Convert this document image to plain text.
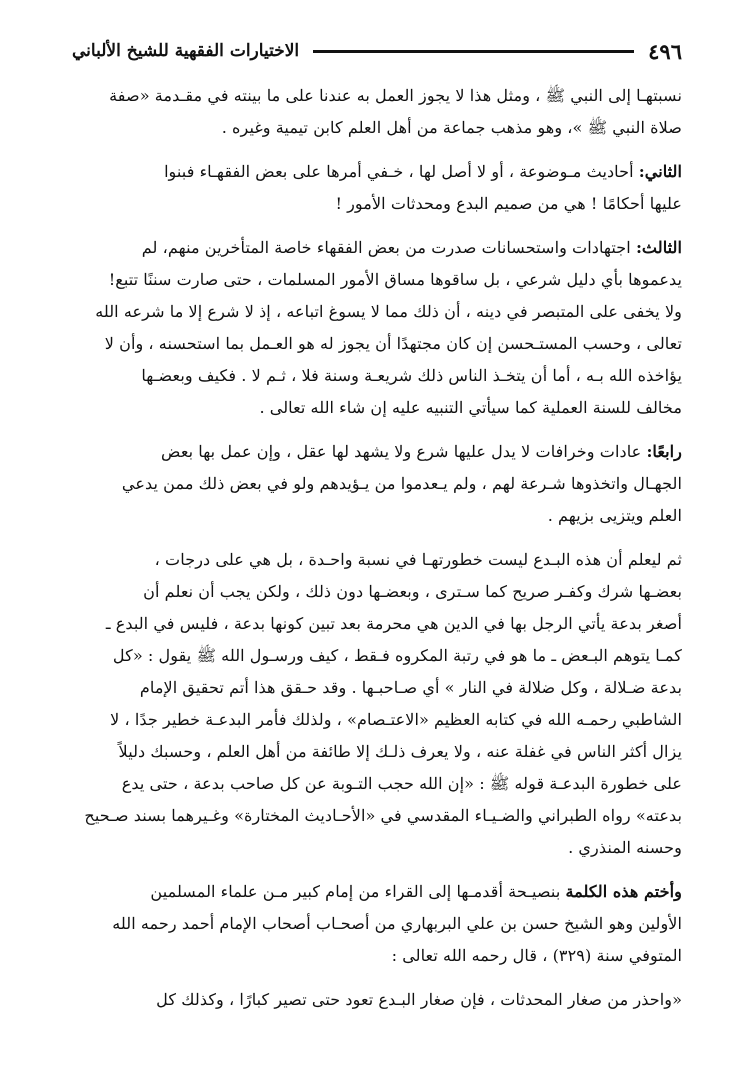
٤٩٦
الاختيارات الفقهية للشيخ الألباني

نسبتهـا إلى النبي ﷺ ، ومثل هذا لا يجوز العمل به عندنا على ما بينته في مقـدمة «صفة
صلاة النبي ﷺ »، وهو مذهب جماعة من أهل العلم كابن تيمية وغيره .

الثاني: أحاديث مـوضوعة ، أو لا أصل لها ، خـفي أمرها على بعض الفقهـاء فبنوا
عليها أحكامًا ! هي من صميم البدع ومحدثات الأمور !

الثالث: اجتهادات واستحسانات صدرت من بعض الفقهاء خاصة المتأخرين منهم، لم
يدعموها بأي دليل شرعي ، بل ساقوها مساق الأمور المسلمات ، حتى صارت سننًا تتبع!
ولا يخفى على المتبصر في دينه ، أن ذلك مما لا يسوغ اتباعه ، إذ لا شرع إلا ما شرعه الله
تعالى ، وحسب المستـحسن إن كان مجتهدًا أن يجوز له هو العـمل بما استحسنه ، وأن لا
يؤاخذه الله بـه ، أما أن يتخـذ الناس ذلك شريعـة وسنة فلا ، ثـم لا . فكيف وبعضـها
مخالف للسنة العملية كما سيأتي التنبيه عليه إن شاء الله تعالى .

رابعًا: عادات وخرافات لا يدل عليها شرع ولا يشهد لها عقل ، وإن عمل بها بعض
الجهـال واتخذوها شـرعة لهم ، ولم يـعدموا من يـؤيدهم ولو في بعض ذلك ممن يدعي
العلم ويتزيى بزيهم .

ثم ليعلم أن هذه البـدع ليست خطورتهـا في نسبة واحـدة ، بل هي على درجات ،
بعضـها شرك وكفـر صريح كما سـترى ، وبعضـها دون ذلك ، ولكن يجب أن نعلم أن
أصغر بدعة يأتي الرجل بها في الدين هي محرمة بعد تبين كونها بدعة ، فليس في البدع ـ
كمـا يتوهم البـعض ـ ما هو في رتبة المكروه فـقط ، كيف ورسـول الله ﷺ يقول : «كل
بدعة ضـلالة ، وكل ضلالة في النار » أي صـاحبـها . وقد حـقق هذا أتم تحقيق الإمام
الشاطبي رحمـه الله في كتابه العظيم «الاعتـصام» ، ولذلك فأمر البدعـة خطير جدًا ، لا
يزال أكثر الناس في غفلة عنه ، ولا يعرف ذلـك إلا طائفة من أهل العلم ، وحسبك دليلاً
على خطورة البدعـة قوله ﷺ : «إن الله حجب التـوبة عن كل صاحب بدعة ، حتى يدع
بدعته» رواه الطبراني والضـيـاء المقدسي في «الأحـاديث المختارة» وغـيرهما بسند صـحيح
وحسنه المنذري .

وأختم هذه الكلمة بنصيـحة أقدمـها إلى القراء من إمام كبير مـن علماء المسلمين
الأولين وهو الشيخ حسن بن علي البربهاري من أصحـاب أصحاب الإمام أحمد رحمه الله
المتوفي سنة (٣٢٩) ، قال رحمه الله تعالى :

«واحذر من صغار المحدثات ، فإن صغار البـدع تعود حتى تصير كبارًا ، وكذلك كل
